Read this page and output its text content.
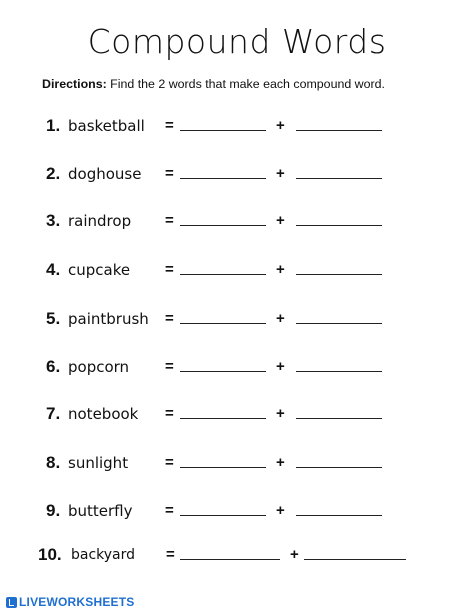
Compound Words
Directions: Find the 2 words that make each compound word.
1. basketball =	+
2. doghouse =	+
3. raindrop =	+
4. cupcake =	+
5. paintbrush =	+
6. popcorn =	+
7. notebook =	+
8. sunlight =	+
9. butterfly =	+
10. backyard =	+
LIVEWORKSHEETS
